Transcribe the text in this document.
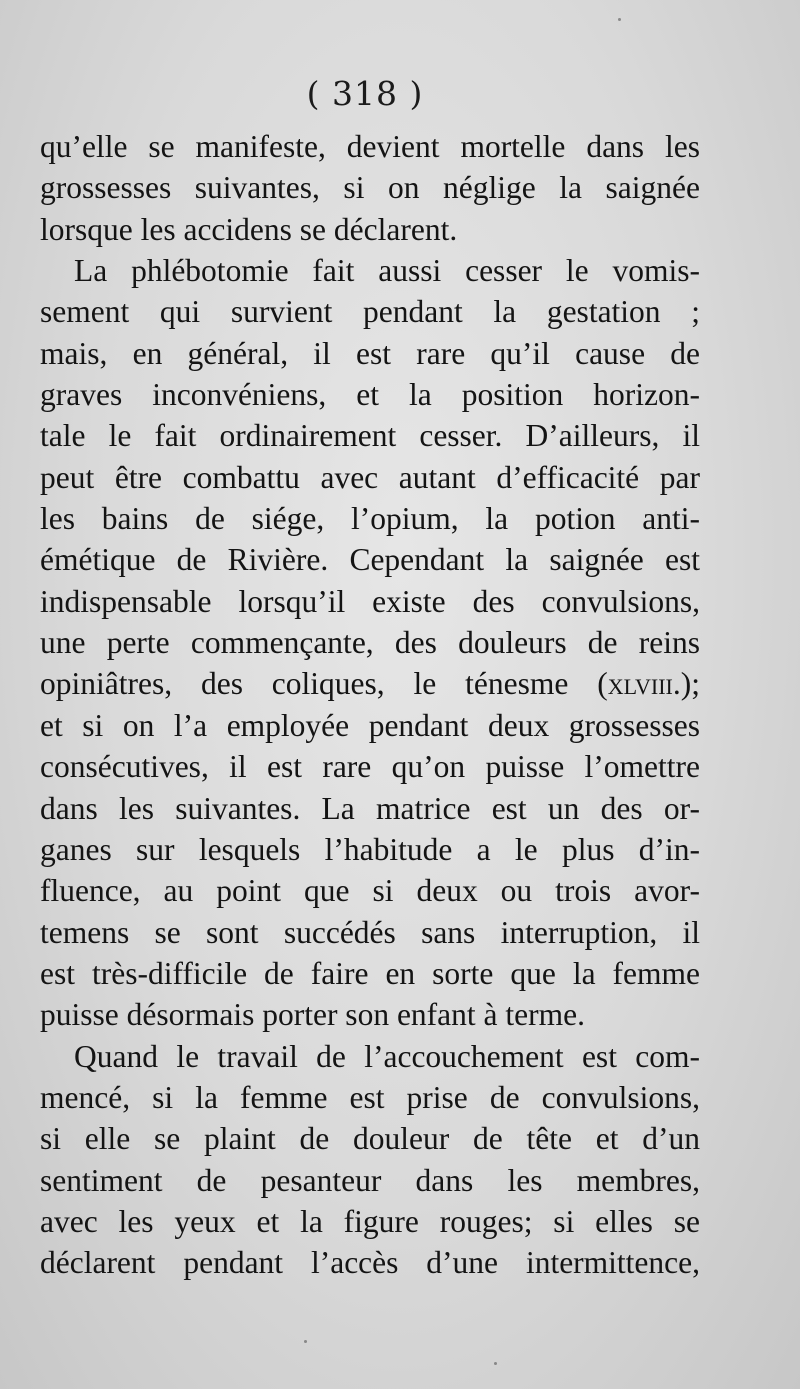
( 318 )
qu’elle se manifeste, devient mortelle dans les
grossesses suivantes, si on néglige la saignée
lorsque les accidens se déclarent.
La phlébotomie fait aussi cesser le vomis-
sement qui survient pendant la gestation ;
mais, en général, il est rare qu’il cause de
graves inconvéniens, et la position horizon-
tale le fait ordinairement cesser. D’ailleurs, il
peut être combattu avec autant d’efficacité par
les bains de siége, l’opium, la potion anti-
émétique de Rivière. Cependant la saignée est
indispensable lorsqu’il existe des convulsions,
une perte commençante, des douleurs de reins
opiniâtres, des coliques, le ténesme (xlviii.);
et si on l’a employée pendant deux grossesses
consécutives, il est rare qu’on puisse l’omettre
dans les suivantes. La matrice est un des or-
ganes sur lesquels l’habitude a le plus d’in-
fluence, au point que si deux ou trois avor-
temens se sont succédés sans interruption, il
est très-difficile de faire en sorte que la femme
puisse désormais porter son enfant à terme.
Quand le travail de l’accouchement est com-
mencé, si la femme est prise de convulsions,
si elle se plaint de douleur de tête et d’un
sentiment de pesanteur dans les membres,
avec les yeux et la figure rouges; si elles se
déclarent pendant l’accès d’une intermittence,
